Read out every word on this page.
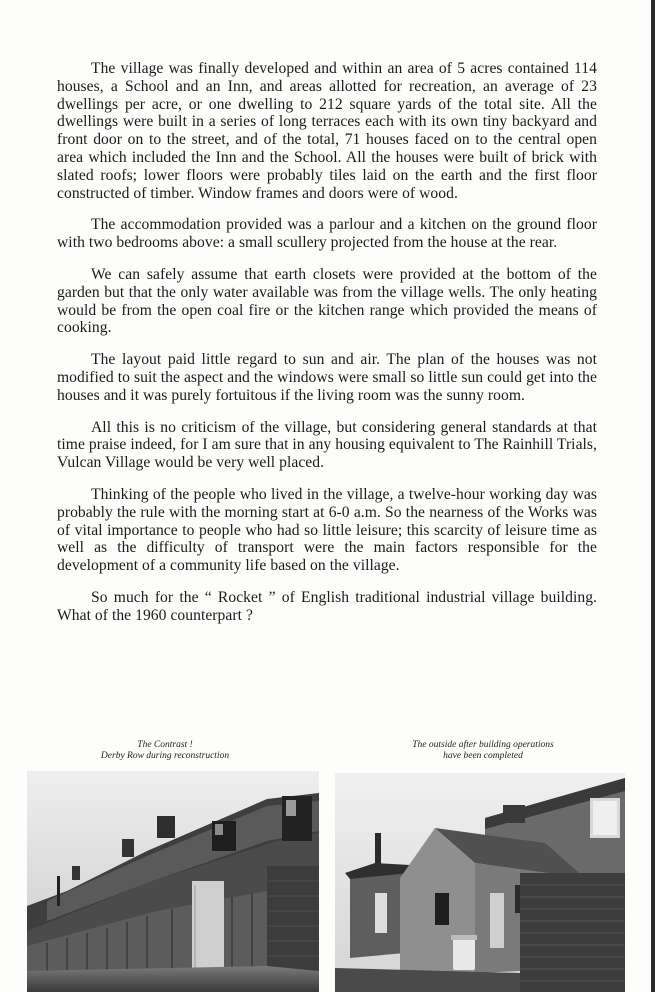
The village was finally developed and within an area of 5 acres contained 114 houses, a School and an Inn, and areas allotted for recreation, an average of 23 dwellings per acre, or one dwelling to 212 square yards of the total site. All the dwellings were built in a series of long terraces each with its own tiny backyard and front door on to the street, and of the total, 71 houses faced on to the central open area which included the Inn and the School. All the houses were built of brick with slated roofs; lower floors were probably tiles laid on the earth and the first floor constructed of timber. Window frames and doors were of wood.

The accommodation provided was a parlour and a kitchen on the ground floor with two bedrooms above: a small scullery projected from the house at the rear.

We can safely assume that earth closets were provided at the bottom of the garden but that the only water available was from the village wells. The only heating would be from the open coal fire or the kitchen range which provided the means of cooking.

The layout paid little regard to sun and air. The plan of the houses was not modified to suit the aspect and the windows were small so little sun could get into the houses and it was purely fortuitous if the living room was the sunny room.

All this is no criticism of the village, but considering general standards at that time praise indeed, for I am sure that in any housing equivalent to The Rainhill Trials, Vulcan Village would be very well placed.

Thinking of the people who lived in the village, a twelve-hour working day was probably the rule with the morning start at 6-0 a.m. So the nearness of the Works was of vital importance to people who had so little leisure; this scarcity of leisure time as well as the difficulty of transport were the main factors responsible for the development of a community life based on the village.

So much for the “ Rocket ” of English traditional industrial village building. What of the 1960 counterpart ?

The Contrast !
Derby Row during reconstruction
The outside after building operations
have been completed
